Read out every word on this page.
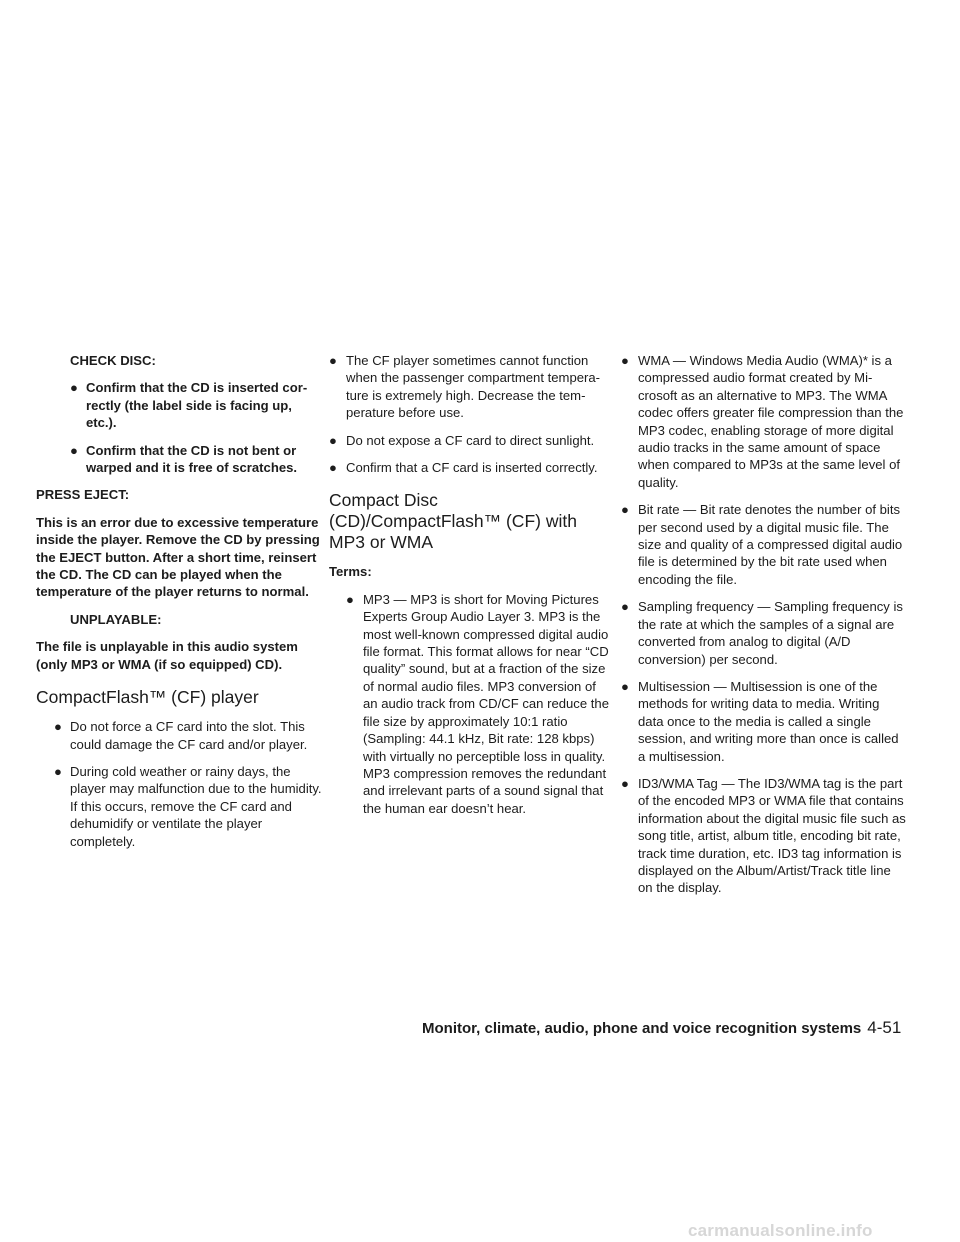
CHECK DISC:

● Confirm that the CD is inserted correctly (the label side is facing up, etc.).
● Confirm that the CD is not bent or warped and it is free of scratches.

PRESS EJECT:

This is an error due to excessive temperature inside the player. Remove the CD by pressing the EJECT button. After a short time, reinsert the CD. The CD can be played when the temperature of the player returns to normal.

UNPLAYABLE:

The file is unplayable in this audio system (only MP3 or WMA (if so equipped) CD).

CompactFlash™ (CF) player
● Do not force a CF card into the slot. This could damage the CF card and/or player.
● During cold weather or rainy days, the player may malfunction due to the humidity. If this occurs, remove the CF card and dehumidify or ventilate the player completely.
● The CF player sometimes cannot function when the passenger compartment temperature is extremely high. Decrease the temperature before use.
● Do not expose a CF card to direct sunlight.
● Confirm that a CF card is inserted correctly.
Compact Disc (CD)/CompactFlash™ (CF) with MP3 or WMA

Terms:

● MP3 — MP3 is short for Moving Pictures Experts Group Audio Layer 3. MP3 is the most well-known compressed digital audio file format. This format allows for near “CD quality” sound, but at a fraction of the size of normal audio files. MP3 conversion of an audio track from CD/CF can reduce the file size by approximately 10:1 ratio (Sampling: 44.1 kHz, Bit rate: 128 kbps) with virtually no perceptible loss in quality. MP3 compression removes the redundant and irrelevant parts of a sound signal that the human ear doesn’t hear.
● WMA — Windows Media Audio (WMA)* is a compressed audio format created by Microsoft as an alternative to MP3. The WMA codec offers greater file compression than the MP3 codec, enabling storage of more digital audio tracks in the same amount of space when compared to MP3s at the same level of quality.
● Bit rate — Bit rate denotes the number of bits per second used by a digital music file. The size and quality of a compressed digital audio file is determined by the bit rate used when encoding the file.
● Sampling frequency — Sampling frequency is the rate at which the samples of a signal are converted from analog to digital (A/D conversion) per second.
● Multisession — Multisession is one of the methods for writing data to media. Writing data once to the media is called a single session, and writing more than once is called a multisession.
● ID3/WMA Tag — The ID3/WMA tag is the part of the encoded MP3 or WMA file that contains information about the digital music file such as song title, artist, album title, encoding bit rate, track time duration, etc. ID3 tag information is displayed on the Album/Artist/Track title line on the display.
Monitor, climate, audio, phone and voice recognition systems 4-51
carmanualsonline.info
